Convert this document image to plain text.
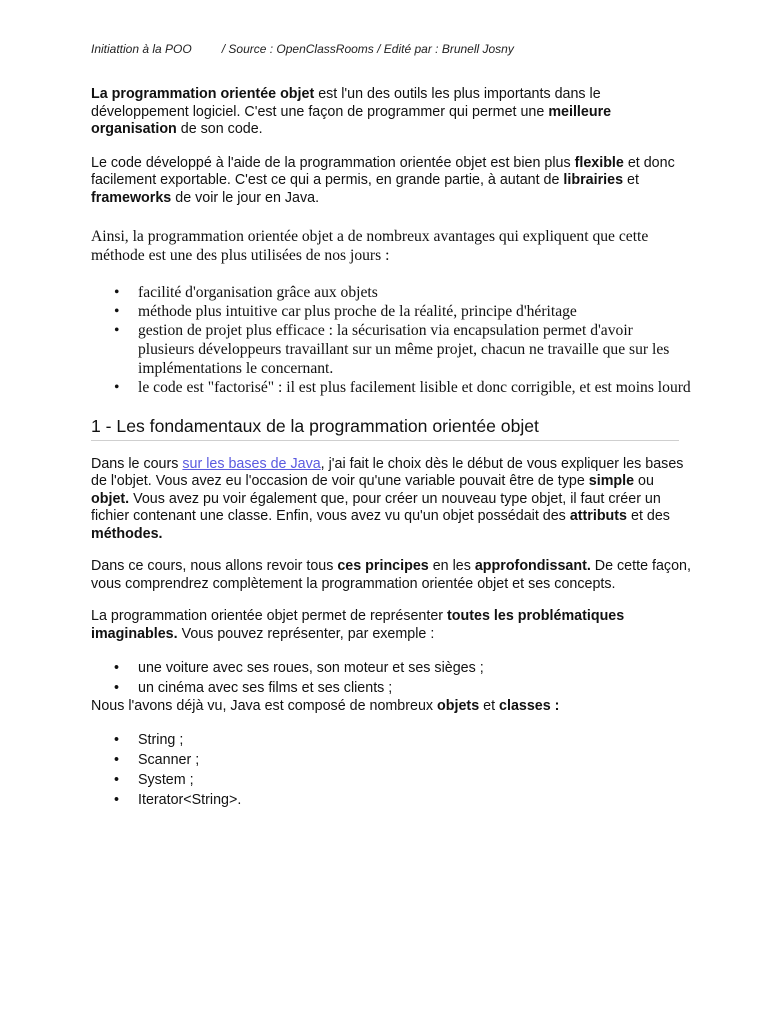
Initiattion à la POO	/ Source : OpenClassRooms / Edité par : Brunell Josny

La programmation orientée objet est l'un des outils les plus importants dans le développement logiciel. C'est une façon de programmer qui permet une meilleure organisation de son code.

Le code développé à l'aide de la programmation orientée objet est bien plus flexible et donc facilement exportable. C'est ce qui a permis, en grande partie, à autant de librairies et frameworks de voir le jour en Java.

Ainsi, la programmation orientée objet a de nombreux avantages qui expliquent que cette méthode est une des plus utilisées de nos jours :

• facilité d'organisation grâce aux objets
• méthode plus intuitive car plus proche de la réalité, principe d'héritage
• gestion de projet plus efficace : la sécurisation via encapsulation permet d'avoir plusieurs développeurs travaillant sur un même projet, chacun ne travaille que sur les implémentations le concernant.
• le code est "factorisé" : il est plus facilement lisible et donc corrigible, et est moins lourd
1 - Les fondamentaux de la programmation orientée objet

Dans le cours sur les bases de Java, j'ai fait le choix dès le début de vous expliquer les bases de l'objet. Vous avez eu l'occasion de voir qu'une variable pouvait être de type simple ou objet. Vous avez pu voir également que, pour créer un nouveau type objet, il faut créer un fichier contenant une classe. Enfin, vous avez vu qu'un objet possédait des attributs et des méthodes.

Dans ce cours, nous allons revoir tous ces principes en les approfondissant. De cette façon, vous comprendrez complètement la programmation orientée objet et ses concepts.

La programmation orientée objet permet de représenter toutes les problématiques imaginables. Vous pouvez représenter, par exemple :

• une voiture avec ses roues, son moteur et ses sièges ;
• un cinéma avec ses films et ses clients ;

Nous l'avons déjà vu, Java est composé de nombreux objets et classes :

• String ;
• Scanner ;
• System ;
• Iterator<String>.
